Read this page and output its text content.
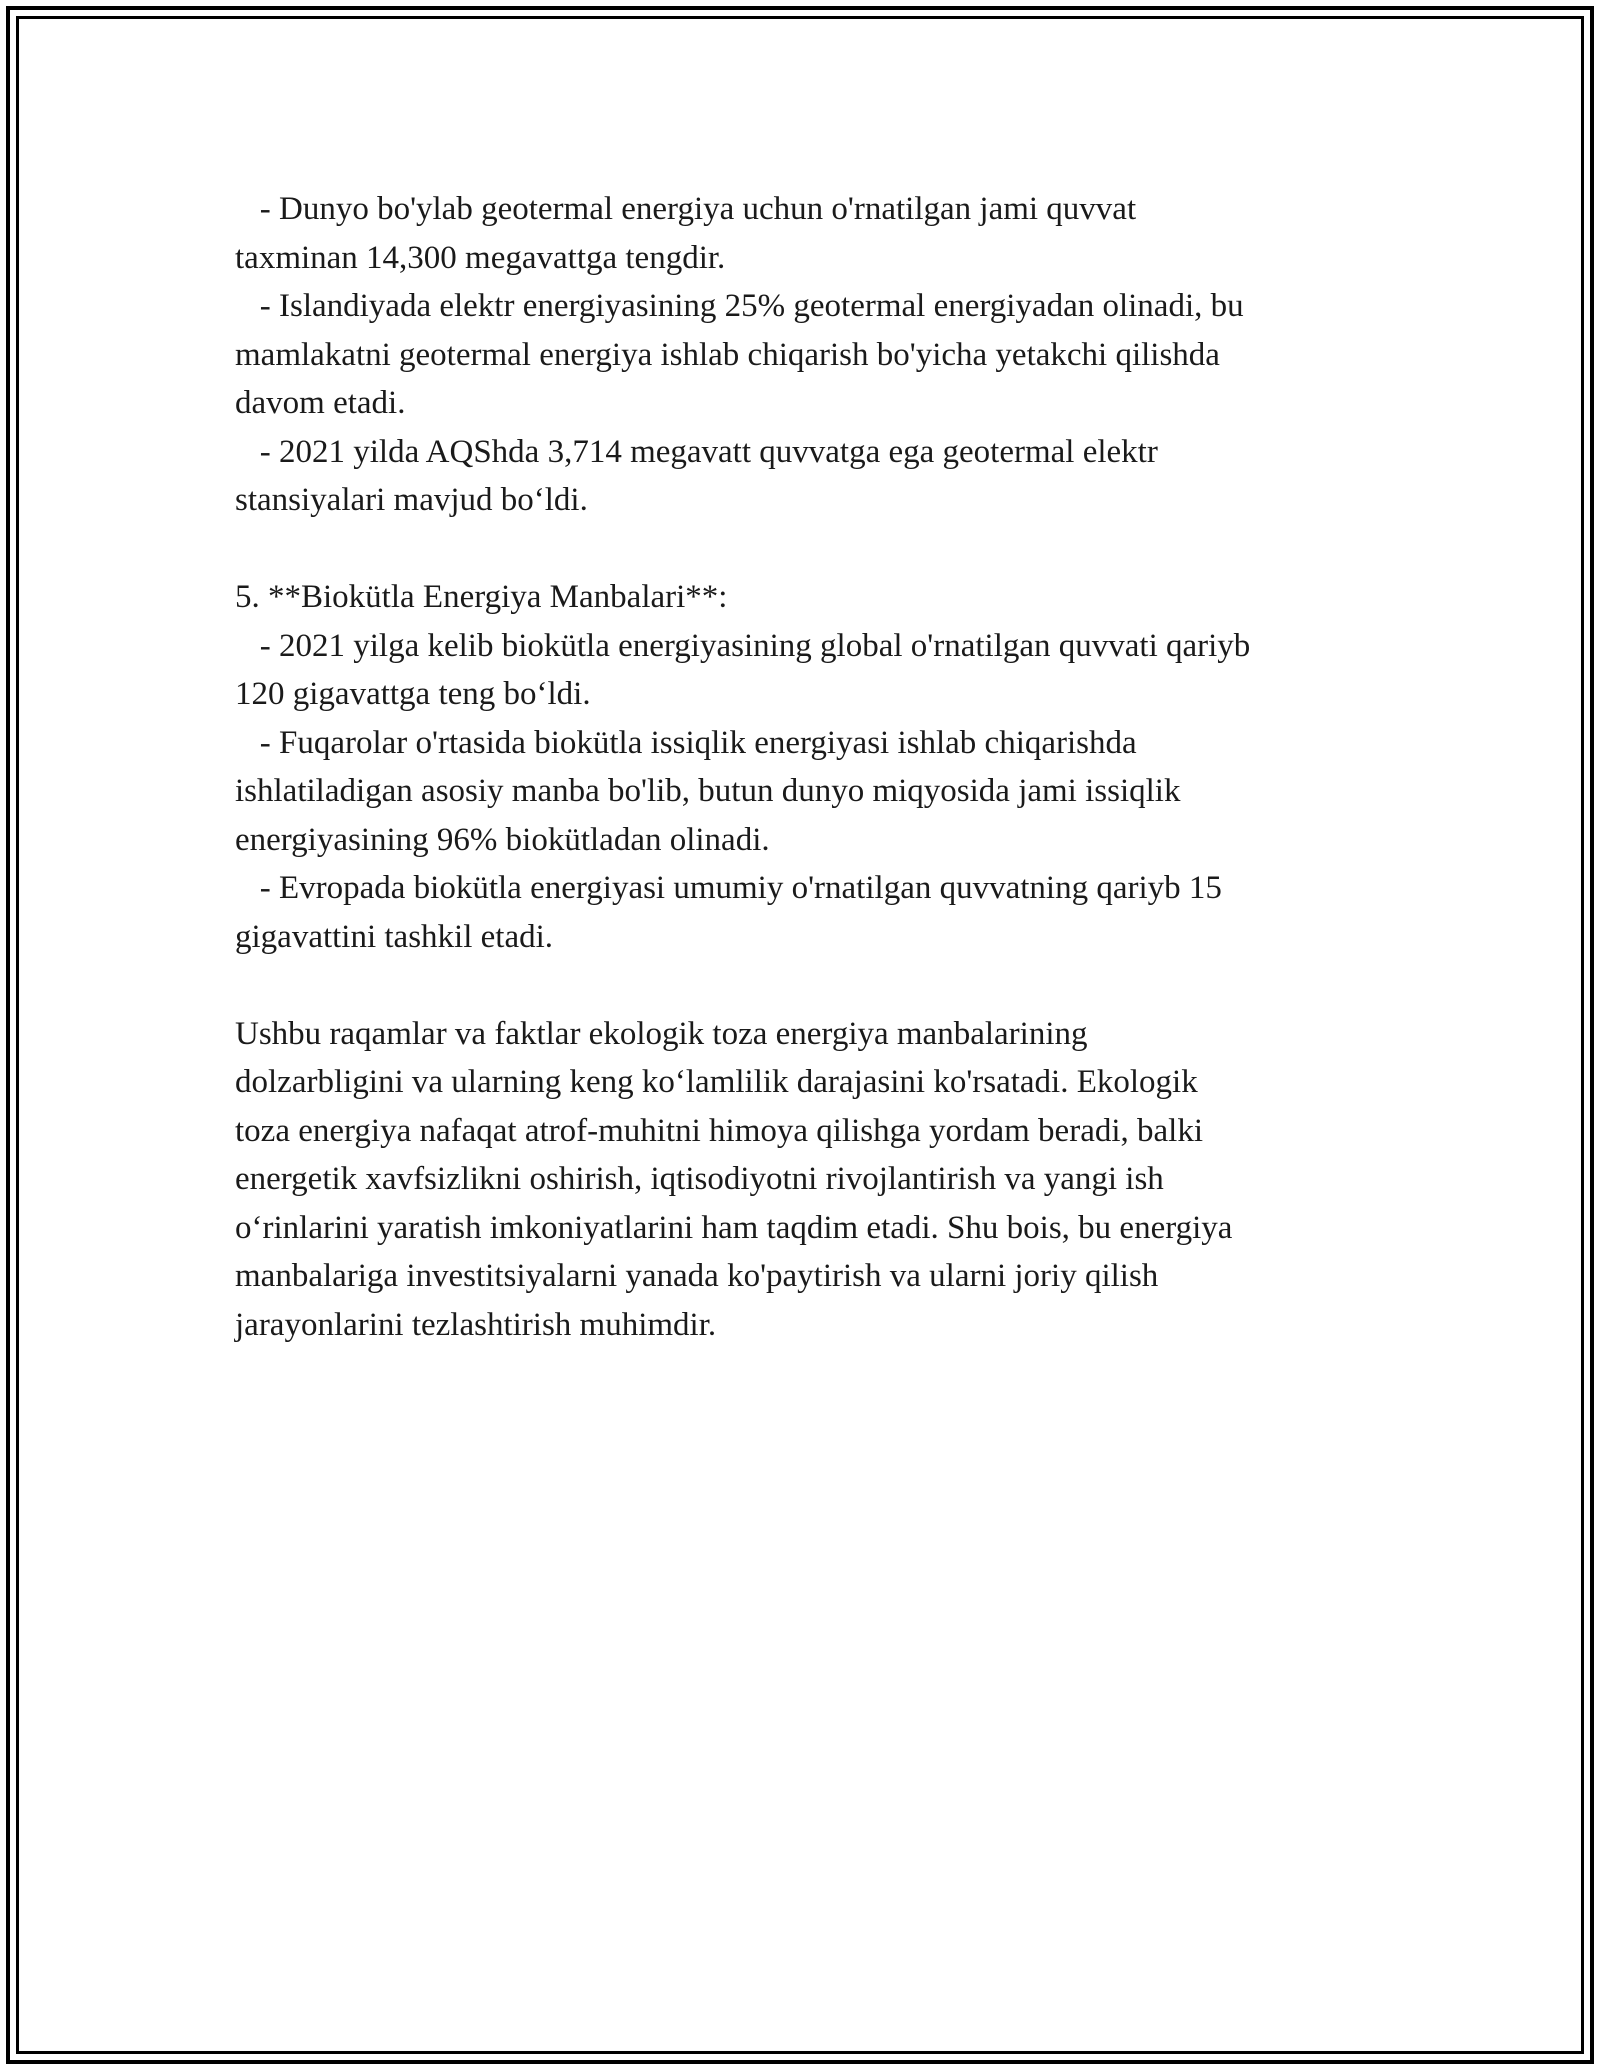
- Dunyo bo'ylab geotermal energiya uchun o'rnatilgan jami quvvat
taxminan 14,300 megavattga tengdir.
- Islandiyada elektr energiyasining 25% geotermal energiyadan olinadi, bu
mamlakatni geotermal energiya ishlab chiqarish bo'yicha yetakchi qilishda
davom etadi.
- 2021 yilda AQShda 3,714 megavatt quvvatga ega geotermal elektr
stansiyalari mavjud bo‘ldi.
5. **Biokütla Energiya Manbalari**:
- 2021 yilga kelib biokütla energiyasining global o'rnatilgan quvvati qariyb
120 gigavattga teng bo‘ldi.
- Fuqarolar o'rtasida biokütla issiqlik energiyasi ishlab chiqarishda
ishlatiladigan asosiy manba bo'lib, butun dunyo miqyosida jami issiqlik
energiyasining 96% biokütladan olinadi.
- Evropada biokütla energiyasi umumiy o'rnatilgan quvvatning qariyb 15
gigavattini tashkil etadi.
Ushbu raqamlar va faktlar ekologik toza energiya manbalarining
dolzarbligini va ularning keng ko‘lamlilik darajasini ko'rsatadi. Ekologik
toza energiya nafaqat atrof-muhitni himoya qilishga yordam beradi, balki
energetik xavfsizlikni oshirish, iqtisodiyotni rivojlantirish va yangi ish
o‘rinlarini yaratish imkoniyatlarini ham taqdim etadi. Shu bois, bu energiya
manbalariga investitsiyalarni yanada ko'paytirish va ularni joriy qilish
jarayonlarini tezlashtirish muhimdir.
